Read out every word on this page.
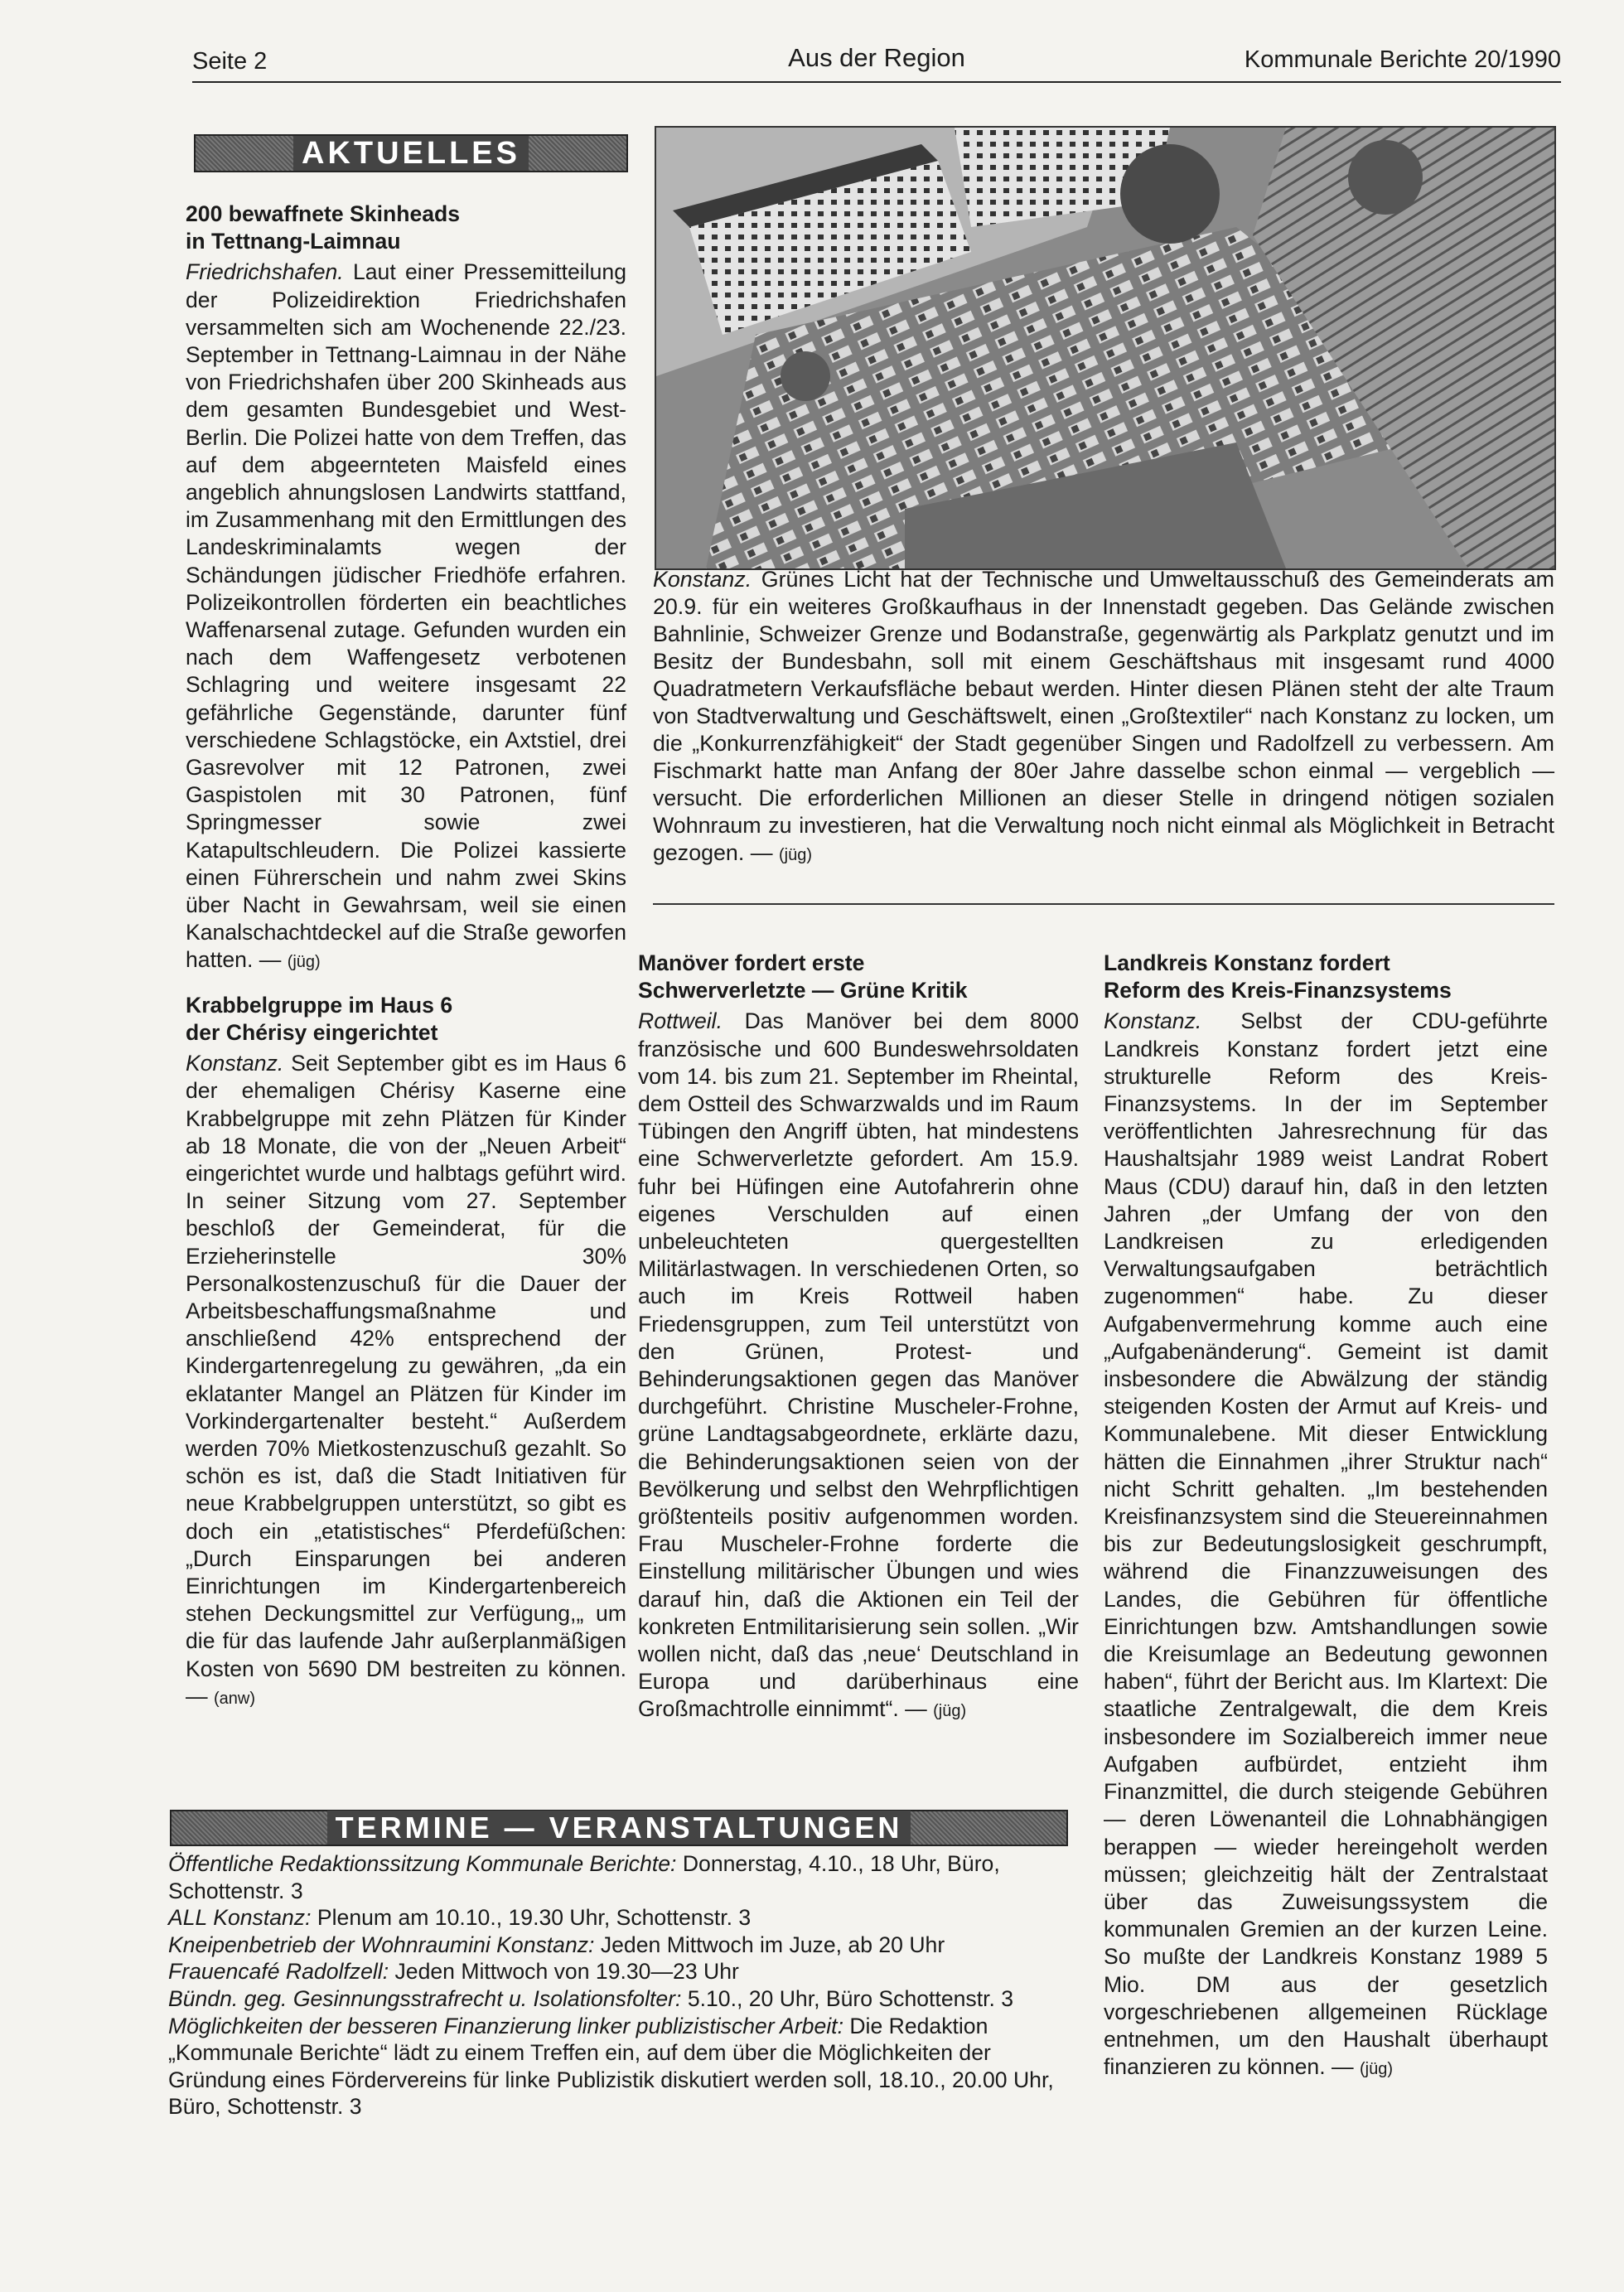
Seite 2	Aus der Region	Kommunale Berichte 20/1990
AKTUELLES

200 bewaffnete Skinheads

in Tettnang-Laimnau

Friedrichshafen. Laut einer Pressemitteilung der Polizeidirektion Friedrichshafen versammelten sich am Wochenende 22./23. September in Tettnang-Laimnau in der Nähe von Friedrichshafen über 200 Skinheads aus dem gesamten Bundesgebiet und West-Berlin. Die Polizei hatte von dem Treffen, das auf dem abgeernteten Maisfeld eines angeblich ahnungslosen Landwirts stattfand, im Zusammenhang mit den Ermittlungen des Landeskriminalamts wegen der Schändungen jüdischer Friedhöfe erfahren. Polizeikontrollen förderten ein beachtliches Waffenarsenal zutage. Gefunden wurden ein nach dem Waffengesetz verbotenen Schlagring und weitere insgesamt 22 gefährliche Gegenstände, darunter fünf verschiedene Schlagstöcke, ein Axtstiel, drei Gasrevolver mit 12 Patronen, zwei Gaspistolen mit 30 Patronen, fünf Springmesser sowie zwei Katapultschleudern. Die Polizei kassierte einen Führerschein und nahm zwei Skins über Nacht in Gewahrsam, weil sie einen Kanalschachtdeckel auf die Straße geworfen hatten. — (jüg)

Krabbelgruppe im Haus 6

der Chérisy eingerichtet

Konstanz. Seit September gibt es im Haus 6 der ehemaligen Chérisy Kaserne eine Krabbelgruppe mit zehn Plätzen für Kinder ab 18 Monate, die von der „Neuen Arbeit“ eingerichtet wurde und halbtags geführt wird. In seiner Sitzung vom 27. September beschloß der Gemeinderat, für die Erzieherinstelle 30% Personalkostenzuschuß für die Dauer der Arbeitsbeschaffungsmaßnahme und anschließend 42% entsprechend der Kindergartenregelung zu gewähren, „da ein eklatanter Mangel an Plätzen für Kinder im Vorkindergartenalter besteht.“ Außerdem werden 70% Mietkostenzuschuß gezahlt. So schön es ist, daß die Stadt Initiativen für neue Krabbelgruppen unterstützt, so gibt es doch ein „etatistisches“ Pferdefüßchen: „Durch Einsparungen bei anderen Einrichtungen im Kindergartenbereich stehen Deckungsmittel zur Verfügung,„ um die für das laufende Jahr außerplanmäßigen Kosten von 5690 DM bestreiten zu können. — (anw)

Konstanz. Grünes Licht hat der Technische und Umweltausschuß des Gemeinderats am 20.9. für ein weiteres Großkaufhaus in der Innenstadt gegeben. Das Gelände zwischen Bahnlinie, Schweizer Grenze und Bodanstraße, gegenwärtig als Parkplatz genutzt und im Besitz der Bundesbahn, soll mit einem Geschäftshaus mit insgesamt rund 4000 Quadratmetern Verkaufsfläche bebaut werden. Hinter diesen Plänen steht der alte Traum von Stadtverwaltung und Geschäftswelt, einen „Großtextiler“ nach Konstanz zu locken, um die „Konkurrenzfähigkeit“ der Stadt gegenüber Singen und Radolfzell zu verbessern. Am Fischmarkt hatte man Anfang der 80er Jahre dasselbe schon einmal — vergeblich — versucht. Die erforderlichen Millionen an dieser Stelle in dringend nötigen sozialen Wohnraum zu investieren, hat die Verwaltung noch nicht einmal als Möglichkeit in Betracht gezogen. — (jüg)

Manöver fordert erste

Schwerverletzte — Grüne Kritik

Rottweil. Das Manöver bei dem 8000 französische und 600 Bundeswehrsoldaten vom 14. bis zum 21. September im Rheintal, dem Ostteil des Schwarzwalds und im Raum Tübingen den Angriff übten, hat mindestens eine Schwerverletzte gefordert. Am 15.9. fuhr bei Hüfingen eine Autofahrerin ohne eigenes Verschulden auf einen unbeleuchteten quergestellten Militärlastwagen. In verschiedenen Orten, so auch im Kreis Rottweil haben Friedensgruppen, zum Teil unterstützt von den Grünen, Protest- und Behinderungsaktionen gegen das Manöver durchgeführt. Christine Muscheler-Frohne, grüne Landtagsabgeordnete, erklärte dazu, die Behinderungsaktionen seien von der Bevölkerung und selbst den Wehrpflichtigen größtenteils positiv aufgenommen worden. Frau Muscheler-Frohne forderte die Einstellung militärischer Übungen und wies darauf hin, daß die Aktionen ein Teil der konkreten Entmilitarisierung sein sollen. „Wir wollen nicht, daß das ‚neue‘ Deutschland in Europa und darüberhinaus eine Großmachtrolle einnimmt“. — (jüg)

Landkreis Konstanz fordert

Reform des Kreis-Finanzsystems

Konstanz. Selbst der CDU-geführte Landkreis Konstanz fordert jetzt eine strukturelle Reform des Kreis-Finanzsystems. In der im September veröffentlichten Jahresrechnung für das Haushaltsjahr 1989 weist Landrat Robert Maus (CDU) darauf hin, daß in den letzten Jahren „der Umfang der von den Landkreisen zu erledigenden Verwaltungsaufgaben beträchtlich zugenommen“ habe. Zu dieser Aufgabenvermehrung komme auch eine „Aufgabenänderung“. Gemeint ist damit insbesondere die Abwälzung der ständig steigenden Kosten der Armut auf Kreis- und Kommunalebene. Mit dieser Entwicklung hätten die Einnahmen „ihrer Struktur nach“ nicht Schritt gehalten. „Im bestehenden Kreisfinanzsystem sind die Steuereinnahmen bis zur Bedeutungslosigkeit geschrumpft, während die Finanzzuweisungen des Landes, die Gebühren für öffentliche Einrichtungen bzw. Amtshandlungen sowie die Kreisumlage an Bedeutung gewonnen haben“, führt der Bericht aus. Im Klartext: Die staatliche Zentralgewalt, die dem Kreis insbesondere im Sozialbereich immer neue Aufgaben aufbürdet, entzieht ihm Finanzmittel, die durch steigende Gebühren — deren Löwenanteil die Lohnabhängigen berappen — wieder hereingeholt werden müssen; gleichzeitig hält der Zentralstaat über das Zuweisungssystem die kommunalen Gremien an der kurzen Leine. So mußte der Landkreis Konstanz 1989 5 Mio. DM aus der gesetzlich vorgeschriebenen allgemeinen Rücklage entnehmen, um den Haushalt überhaupt finanzieren zu können. — (jüg)

TERMINE — VERANSTALTUNGEN

Öffentliche Redaktionssitzung Kommunale Berichte: Donnerstag, 4.10., 18 Uhr, Büro, Schottenstr. 3

ALL Konstanz: Plenum am 10.10., 19.30 Uhr, Schottenstr. 3

Kneipenbetrieb der Wohnraumini Konstanz: Jeden Mittwoch im Juze, ab 20 Uhr

Frauencafé Radolfzell: Jeden Mittwoch von 19.30—23 Uhr

Bündn. geg. Gesinnungsstrafrecht u. Isolationsfolter: 5.10., 20 Uhr, Büro Schottenstr. 3

Möglichkeiten der besseren Finanzierung linker publizistischer Arbeit: Die Redaktion „Kommunale Berichte“ lädt zu einem Treffen ein, auf dem über die Möglichkeiten der Gründung eines Fördervereins für linke Publizistik diskutiert werden soll, 18.10., 20.00 Uhr, Büro, Schottenstr. 3
